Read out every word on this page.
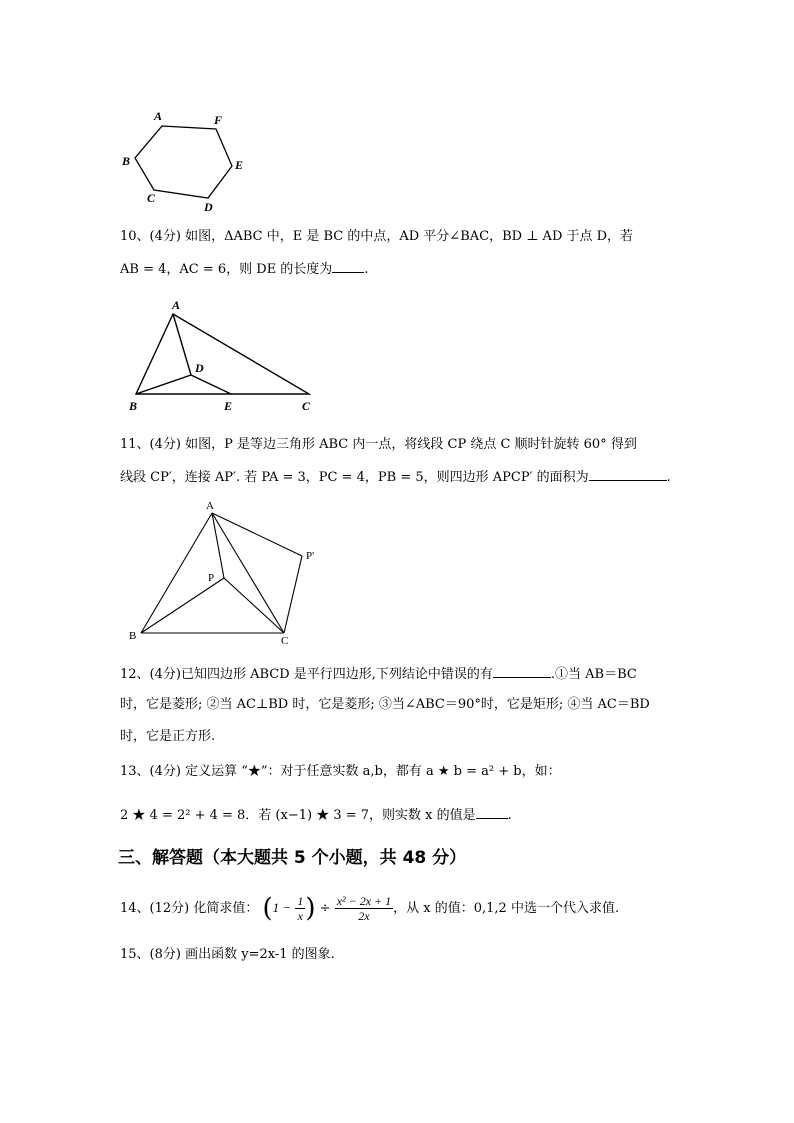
A	F
B	E
C
D
10、(4分) 如图，ΔABC 中，E 是 BC 的中点，AD 平分∠BAC，BD ⊥ AD 于点 D，若
AB = 4，AC = 6，则 DE 的长度为 .
A
D
B	E	C
11、(4分) 如图，P 是等边三角形 ABC 内一点，将线段 CP 绕点 C 顺时针旋转 60° 得到
线段 CP′，连接 AP′. 若 PA = 3，PC = 4，PB = 5，则四边形 APCP′ 的面积为	.
A
P'
P
B	C
12、(4分)已知四边形 ABCD 是平行四边形,下列结论中错误的有	.①当 AB＝BC
时，它是菱形; ②当 AC⊥BD 时，它是菱形; ③当∠ABC＝90°时，它是矩形; ④当 AC＝BD
时，它是正方形.
13、(4分) 定义运算 “★”：对于任意实数 a,b，都有 a ★ b = a² + b，如：
2 ★ 4 = 2² + 4 = 8．若 (x−1) ★ 3 = 7，则实数 x 的值是 .
三、解答题（本大题共 5 个小题，共 48 分）
14、(12分) 化简求值： ($1 - \frac{1}{x}$ ) ÷ $\frac{\text{x² − 2x + 1}}{2x}$ ，从 x 的值：0,1,2 中选一个代入求值.
15、(8分) 画出函数 y=2x-1 的图象.
